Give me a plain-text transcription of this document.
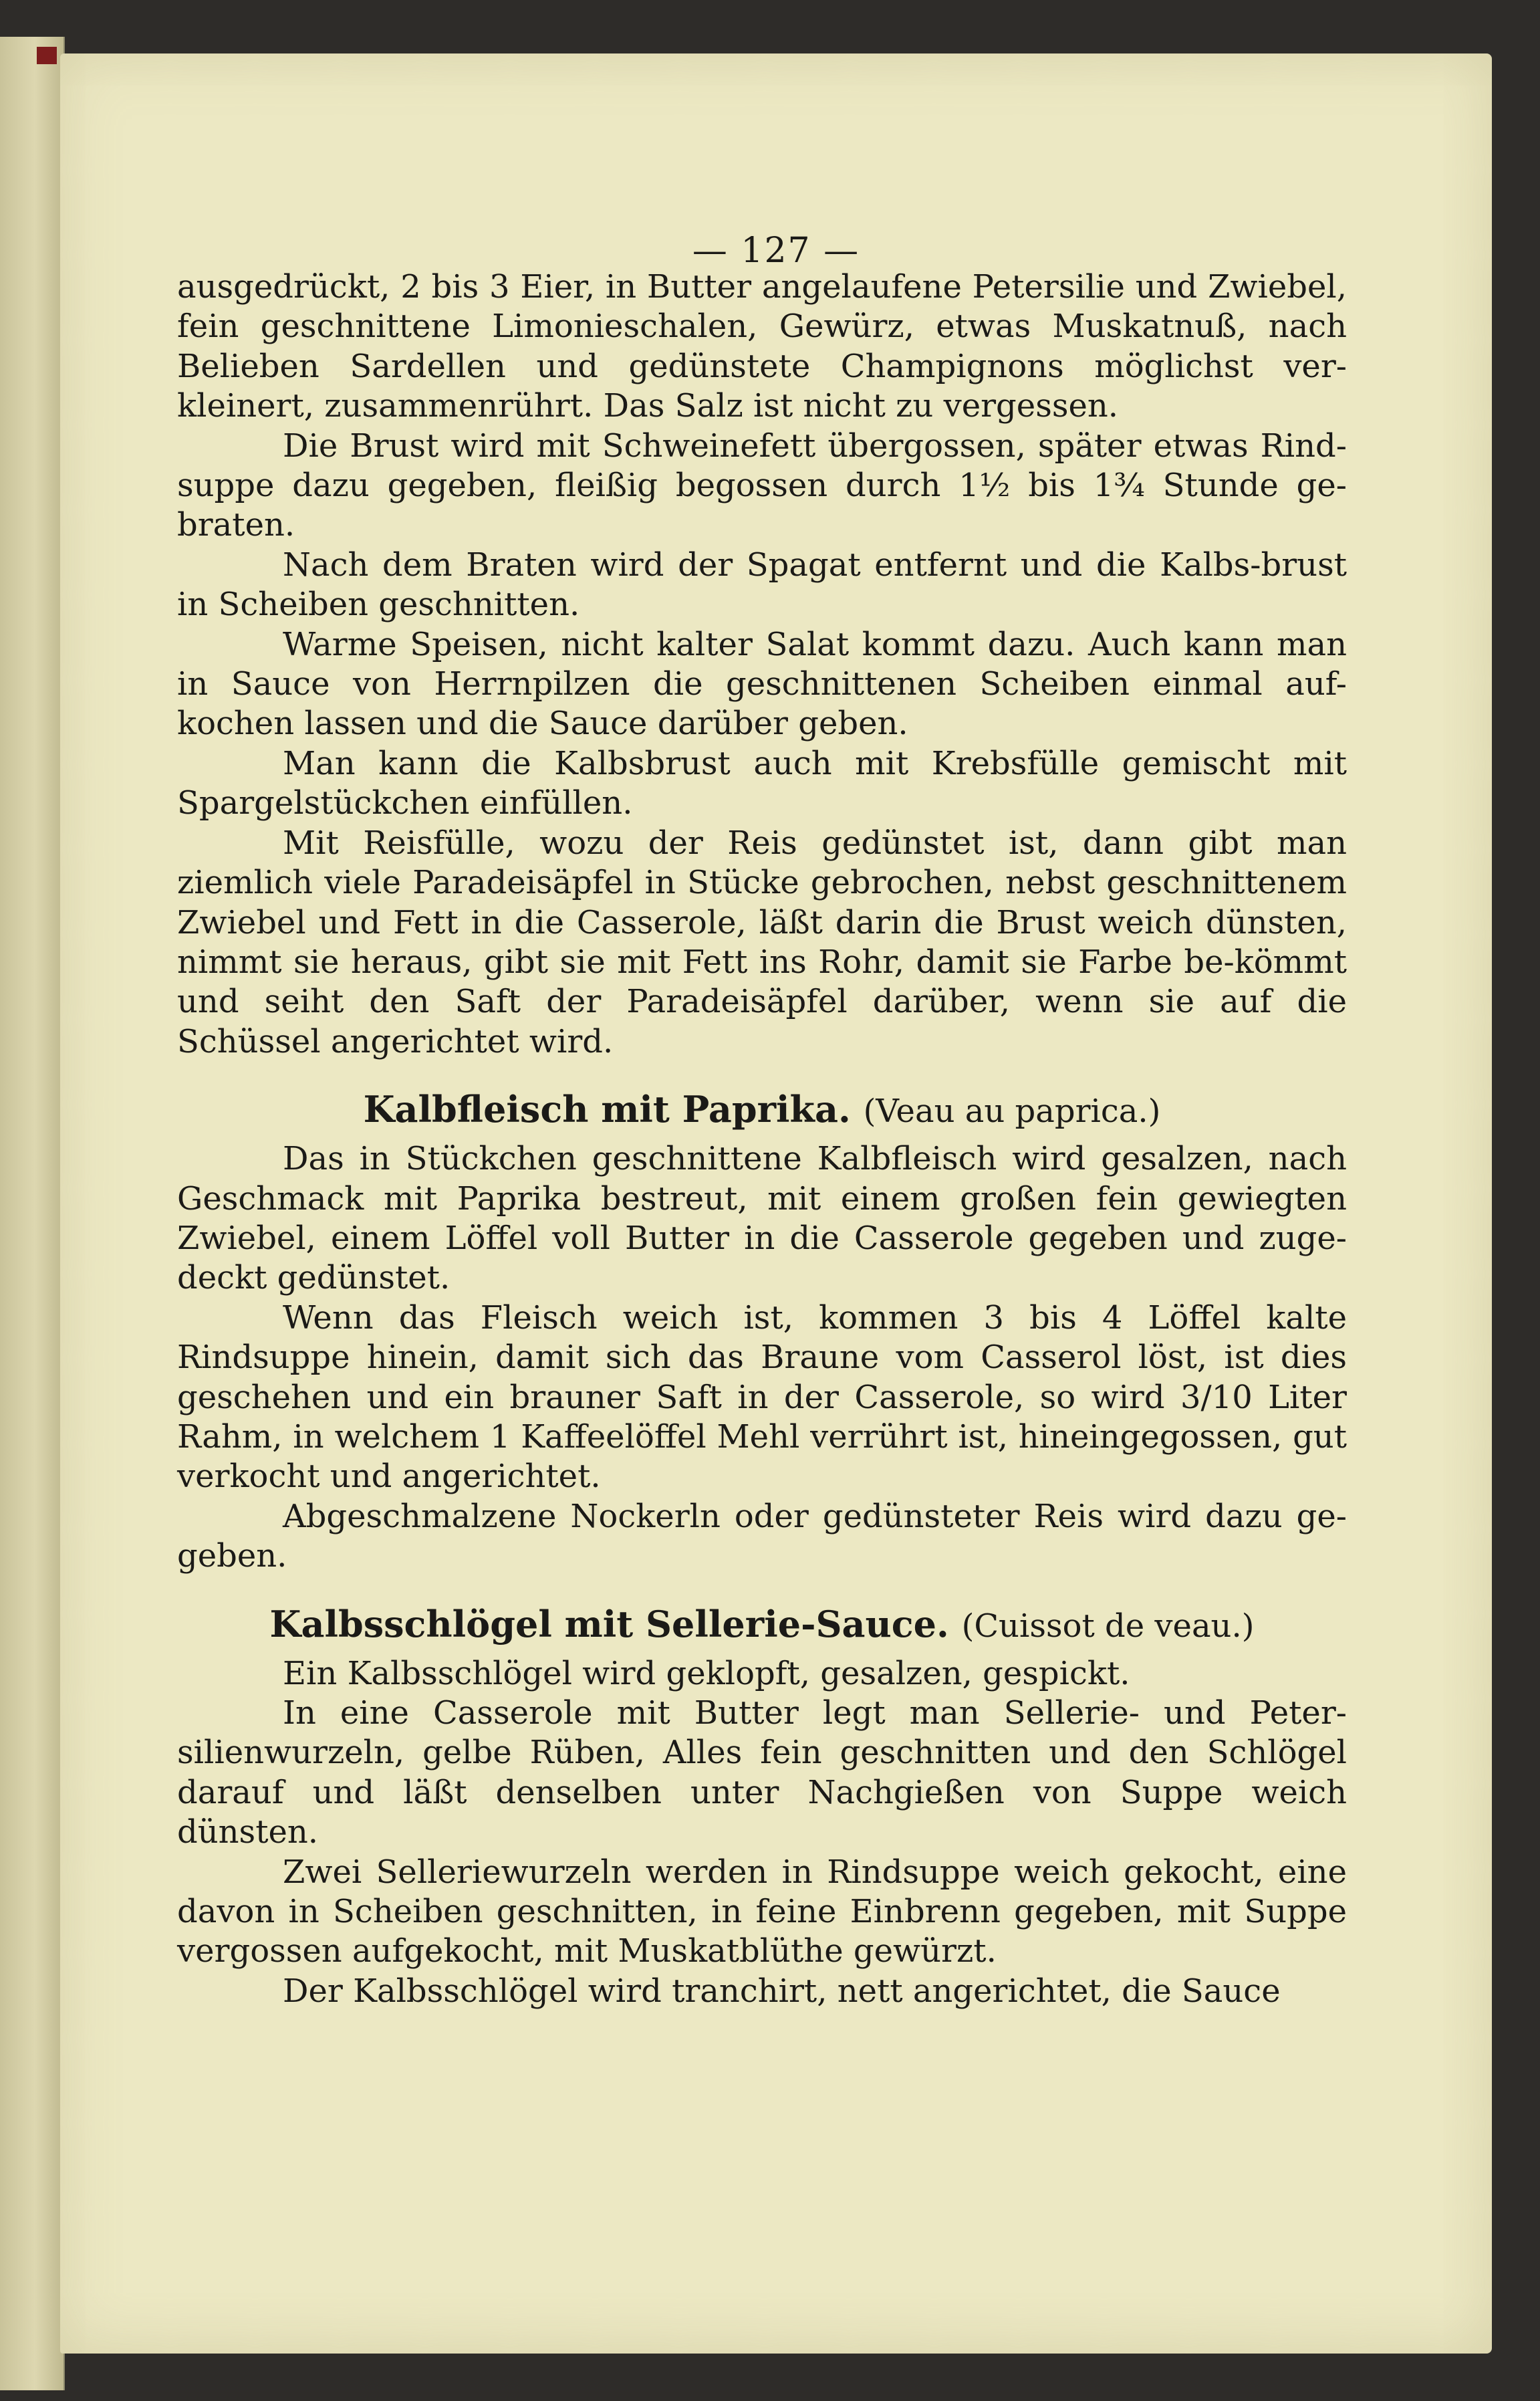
— 127 —

ausgedrückt, 2 bis 3 Eier, in Butter angelaufene Petersilie und Zwiebel, fein geschnittene Limonieschalen, Gewürz, etwas Muskatnuß, nach Belieben Sardellen und gedünstete Champignons möglichst ver-kleinert, zusammenrührt. Das Salz ist nicht zu vergessen.

Die Brust wird mit Schweinefett übergossen, später etwas Rind-suppe dazu gegeben, fleißig begossen durch 1½ bis 1¾ Stunde ge-braten.

Nach dem Braten wird der Spagat entfernt und die Kalbs-brust in Scheiben geschnitten.

Warme Speisen, nicht kalter Salat kommt dazu. Auch kann man in Sauce von Herrnpilzen die geschnittenen Scheiben einmal auf-kochen lassen und die Sauce darüber geben.

Man kann die Kalbsbrust auch mit Krebsfülle gemischt mit Spargelstückchen einfüllen.

Mit Reisfülle, wozu der Reis gedünstet ist, dann gibt man ziemlich viele Paradeisäpfel in Stücke gebrochen, nebst geschnittenem Zwiebel und Fett in die Casserole, läßt darin die Brust weich dünsten, nimmt sie heraus, gibt sie mit Fett ins Rohr, damit sie Farbe be-kömmt und seiht den Saft der Paradeisäpfel darüber, wenn sie auf die Schüssel angerichtet wird.

Kalbfleisch mit Paprika. (Veau au paprica.)

Das in Stückchen geschnittene Kalbfleisch wird gesalzen, nach Geschmack mit Paprika bestreut, mit einem großen fein gewiegten Zwiebel, einem Löffel voll Butter in die Casserole gegeben und zuge-deckt gedünstet.

Wenn das Fleisch weich ist, kommen 3 bis 4 Löffel kalte Rindsuppe hinein, damit sich das Braune vom Casserol löst, ist dies geschehen und ein brauner Saft in der Casserole, so wird 3/10 Liter Rahm, in welchem 1 Kaffeelöffel Mehl verrührt ist, hineingegossen, gut verkocht und angerichtet.

Abgeschmalzene Nockerln oder gedünsteter Reis wird dazu ge-geben.

Kalbsschlögel mit Sellerie-Sauce. (Cuissot de veau.)

Ein Kalbsschlögel wird geklopft, gesalzen, gespickt.

In eine Casserole mit Butter legt man Sellerie- und Peter-silienwurzeln, gelbe Rüben, Alles fein geschnitten und den Schlögel darauf und läßt denselben unter Nachgießen von Suppe weich dünsten.

Zwei Selleriewurzeln werden in Rindsuppe weich gekocht, eine davon in Scheiben geschnitten, in feine Einbrenn gegeben, mit Suppe vergossen aufgekocht, mit Muskatblüthe gewürzt.

Der Kalbsschlögel wird tranchirt, nett angerichtet, die Sauce
